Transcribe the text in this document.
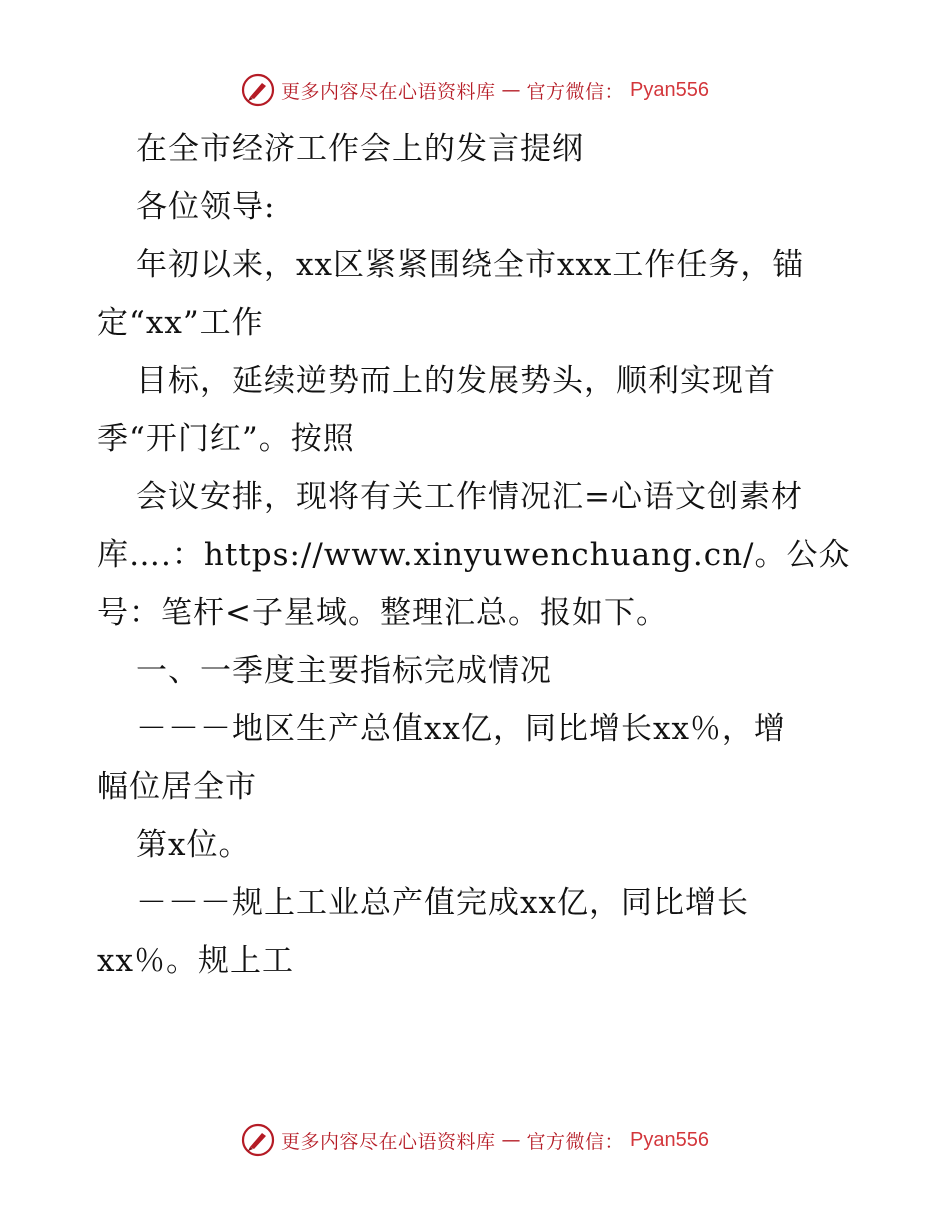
更多内容尽在心语资料库 — 官方微信： Pyan556
在全市经济工作会上的发言提纲
各位领导:
年初以来，xx区紧紧围绕全市xxx工作任务，锚
定“xx”工作
目标，延续逆势而上的发展势头，顺利实现首
季“开门红”。按照
会议安排，现将有关工作情况汇=心语文创素材
库….：https://www.xinyuwenchuang.cn/。公众
号：笔杆<子星域。整理汇总。报如下。
一、一季度主要指标完成情况
－－－地区生产总值xx亿，同比增长xx％，增
幅位居全市
第x位。
－－－规上工业总产值完成xx亿，同比增长
xx％。规上工
更多内容尽在心语资料库 — 官方微信： Pyan556
